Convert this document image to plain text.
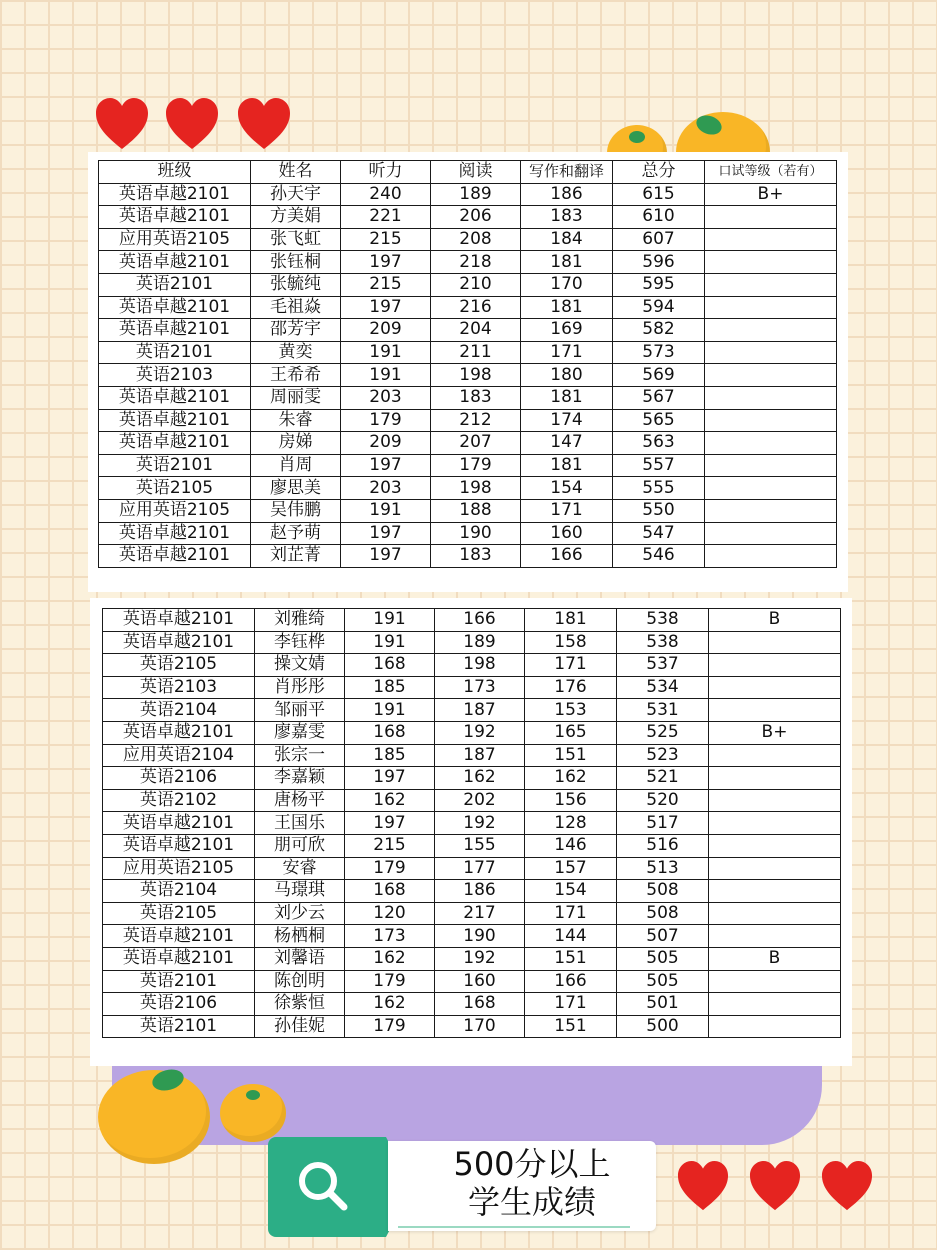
班级	姓名	听力	阅读	写作和翻译	总分	口试等级（若有）
英语卓越2101	孙天宇	240	189	186	615	B+
英语卓越2101	方美娟	221	206	183	610	
应用英语2105	张飞虹	215	208	184	607	
英语卓越2101	张钰桐	197	218	181	596	
英语2101	张毓纯	215	210	170	595	
英语卓越2101	毛祖焱	197	216	181	594	
英语卓越2101	邵芳宇	209	204	169	582	
英语2101	黄奕	191	211	171	573	
英语2103	王希希	191	198	180	569	
英语卓越2101	周丽雯	203	183	181	567	
英语卓越2101	朱睿	179	212	174	565	
英语卓越2101	房娣	209	207	147	563	
英语2101	肖周	197	179	181	557	
英语2105	廖思美	203	198	154	555	
应用英语2105	吴伟鹏	191	188	171	550	
英语卓越2101	赵予萌	197	190	160	547	
英语卓越2101	刘芷菁	197	183	166	546	
英语卓越2101	刘雅绮	191	166	181	538	B
英语卓越2101	李钰桦	191	189	158	538	
英语2105	操文婧	168	198	171	537	
英语2103	肖彤彤	185	173	176	534	
英语2104	邹丽平	191	187	153	531	
英语卓越2101	廖嘉雯	168	192	165	525	B+
应用英语2104	张宗一	185	187	151	523	
英语2106	李嘉颖	197	162	162	521	
英语2102	唐杨平	162	202	156	520	
英语卓越2101	王国乐	197	192	128	517	
英语卓越2101	朋可欣	215	155	146	516	
应用英语2105	安睿	179	177	157	513	
英语2104	马璟琪	168	186	154	508	
英语2105	刘少云	120	217	171	508	
英语卓越2101	杨栖桐	173	190	144	507	
英语卓越2101	刘馨语	162	192	151	505	B
英语2101	陈创明	179	160	166	505	
英语2106	徐紫恒	162	168	171	501	
英语2101	孙佳妮	179	170	151	500	
500分以上
学生成绩
